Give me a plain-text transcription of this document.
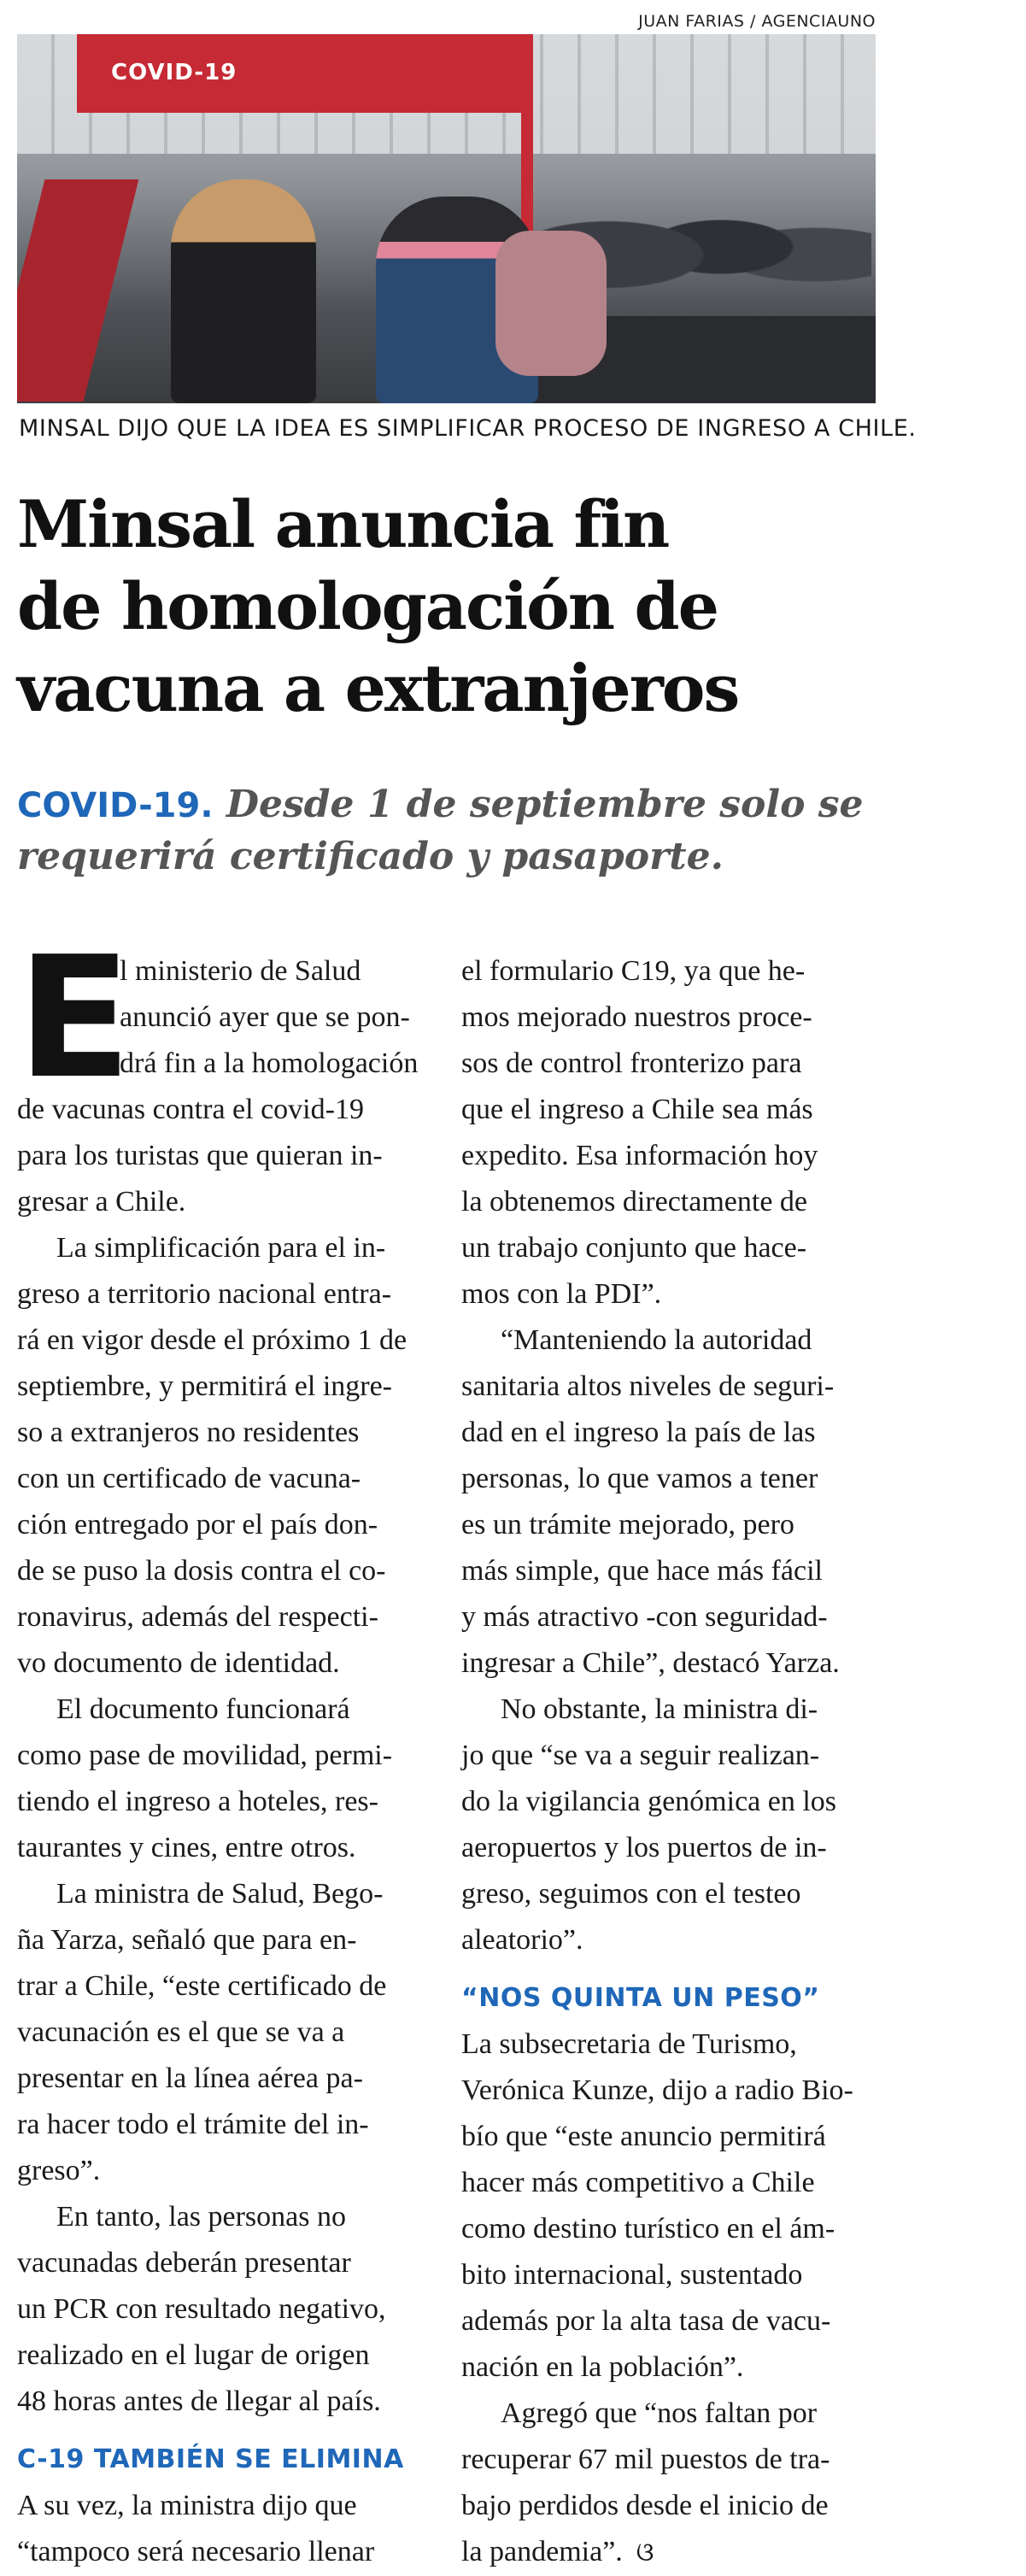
JUAN FARIAS / AGENCIAUNO
COVID-19
MINSAL DIJO QUE LA IDEA ES SIMPLIFICAR PROCESO DE INGRESO A CHILE.
Minsal anuncia fin
de homologación de
vacuna a extranjeros
COVID-19. Desde 1 de septiembre solo se
requerirá certificado y pasaporte.
E
l ministerio de Salud
anunció ayer que se pon-
drá fin a la homologación
de vacunas contra el covid-19
para los turistas que quieran in-
gresar a Chile.
La simplificación para el in-
greso a territorio nacional entra-
rá en vigor desde el próximo 1 de
septiembre, y permitirá el ingre-
so a extranjeros no residentes
con un certificado de vacuna-
ción entregado por el país don-
de se puso la dosis contra el co-
ronavirus, además del respecti-
vo documento de identidad.
El documento funcionará
como pase de movilidad, permi-
tiendo el ingreso a hoteles, res-
taurantes y cines, entre otros.
La ministra de Salud, Bego-
ña Yarza, señaló que para en-
trar a Chile, “este certificado de
vacunación es el que se va a
presentar en la línea aérea pa-
ra hacer todo el trámite del in-
greso”.
En tanto, las personas no
vacunadas deberán presentar
un PCR con resultado negativo,
realizado en el lugar de origen
48 horas antes de llegar al país.
C-19 TAMBIÉN SE ELIMINA
A su vez, la ministra dijo que
“tampoco será necesario llenar
el formulario C19, ya que he-
mos mejorado nuestros proce-
sos de control fronterizo para
que el ingreso a Chile sea más
expedito. Esa información hoy
la obtenemos directamente de
un trabajo conjunto que hace-
mos con la PDI”.
“Manteniendo la autoridad
sanitaria altos niveles de seguri-
dad en el ingreso la país de las
personas, lo que vamos a tener
es un trámite mejorado, pero
más simple, que hace más fácil
y más atractivo -con seguridad-
ingresar a Chile”, destacó Yarza.
No obstante, la ministra di-
jo que “se va a seguir realizan-
do la vigilancia genómica en los
aeropuertos y los puertos de in-
greso, seguimos con el testeo
aleatorio”.
“NOS QUINTA UN PESO”
La subsecretaria de Turismo,
Verónica Kunze, dijo a radio Bio-
bío que “este anuncio permitirá
hacer más competitivo a Chile
como destino turístico en el ám-
bito internacional, sustentado
además por la alta tasa de vacu-
nación en la población”.
Agregó que “nos faltan por
recuperar 67 mil puestos de tra-
bajo perdidos desde el inicio de
la pandemia”. ଓ
